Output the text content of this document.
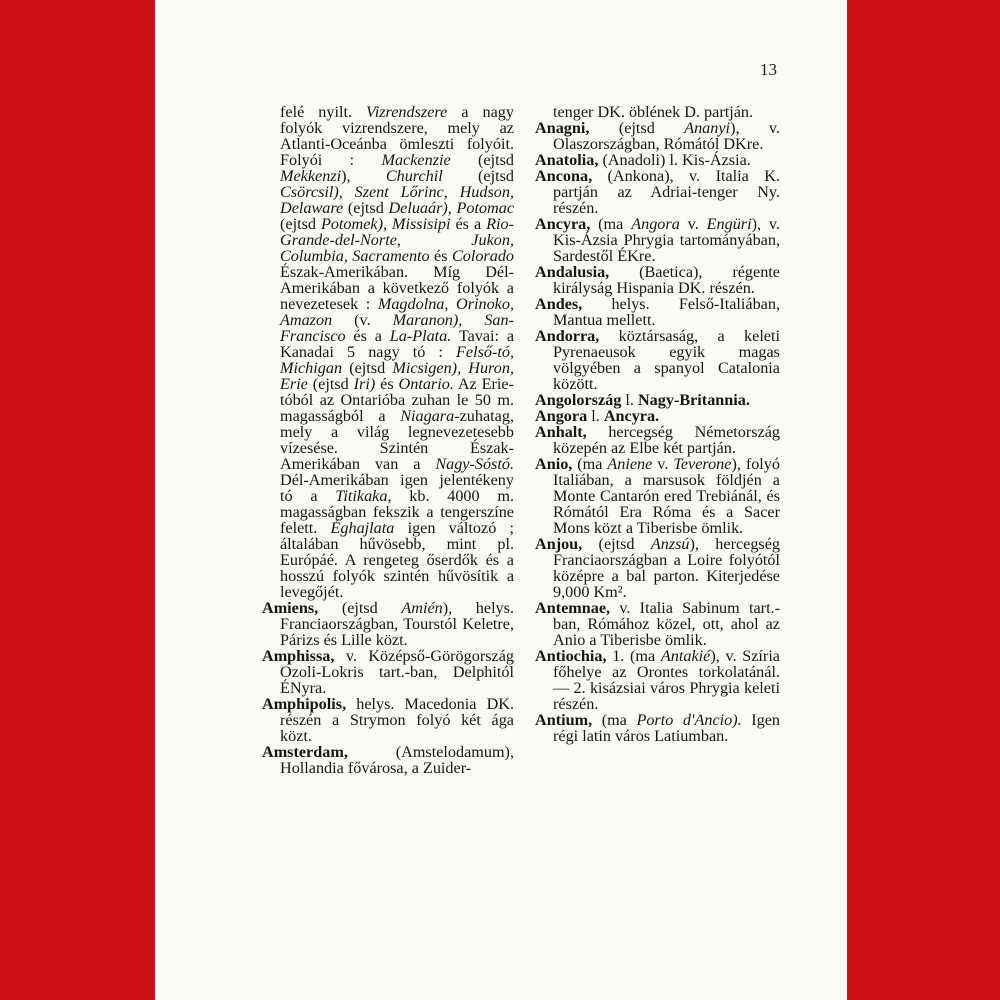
13

felé nyilt. Vizrendszere a nagy folyók vizrendszere, mely az Atlanti-Oceánba ömleszti folyóit. Folyói : Mackenzie (ejtsd Mekkenzi), Churchil (ejtsd Csörcsil), Szent Lőrinc, Hudson, Delaware (ejtsd Deluaár), Potomac (ejtsd Potomek), Missisipi és a Rio-Grande-del-Norte, Jukon, Columbia, Sacramento és Colorado Észak-Amerikában. Míg Dél-Amerikában a következő folyók a nevezetesek : Magdolna, Orinoko, Amazon (v. Maranon), San-Francisco és a La-Plata. Tavai: a Kanadai 5 nagy tó : Felső-tó, Michigan (ejtsd Micsigen), Huron, Erie (ejtsd Iri) és Ontario. Az Erie-tóból az Ontarióba zuhan le 50 m. magasságból a Niagara-zuhatag, mely a világ legnevezetesebb vízesése. Szintén Észak-Amerikában van a Nagy-Sóstó. Dél-Amerikában igen jelentékeny tó a Titikaka, kb. 4000 m. magasságban fekszik a tengerszíne felett. Éghajlata igen változó ; általában hűvösebb, mint pl. Európáé. A rengeteg őserdők és a hosszú folyók szintén hűvösítik a levegőjét.

Amiens, (ejtsd Amién), helys. Franciaországban, Tourstól Keletre, Párizs és Lille közt.

Amphissa, v. Középső-Görögország Ozoli-Lokris tart.-ban, Delphitól ÉNyra.

Amphipolis, helys. Macedonia DK. részén a Strymon folyó két ága közt.

Amsterdam, (Amstelodamum), Hollandia fővárosa, a Zuider-

tenger DK. öblének D. partján.

Anagni, (ejtsd Ananyi), v. Olaszországban, Rómától DKre.

Anatolia, (Anadoli) l. Kis-Ázsia.

Ancona, (Ankona), v. Italia K. partján az Adriai-tenger Ny. részén.

Ancyra, (ma Angora v. Engüri), v. Kis-Ázsia Phrygia tartományában, Sardestől ÉKre.

Andalusia, (Baetica), régente királyság Hispania DK. részén.

Andes, helys. Felső-Italiában, Mantua mellett.

Andorra, köztársaság, a keleti Pyrenaeusok egyik magas völgyében a spanyol Catalonia között.

Angolország l. Nagy-Britannia.

Angora l. Ancyra.

Anhalt, hercegség Németország közepén az Elbe két partján.

Anio, (ma Aniene v. Teverone), folyó Italiában, a marsusok földjén a Monte Cantarón ered Trebiánál, és Rómától Era Róma és a Sacer Mons közt a Tiberisbe ömlik.

Anjou, (ejtsd Anzsú), hercegség Franciaországban a Loire folyótól középre a bal parton. Kiterjedése 9,000 Km².

Antemnae, v. Italia Sabinum tart.-ban, Rómához közel, ott, ahol az Anio a Tiberisbe ömlik.

Antiochia, 1. (ma Antakié), v. Szíria főhelye az Orontes torkolatánál. — 2. kisázsiai város Phrygia keleti részén.

Antium, (ma Porto d'Ancio). Igen régi latin város Latiumban.
